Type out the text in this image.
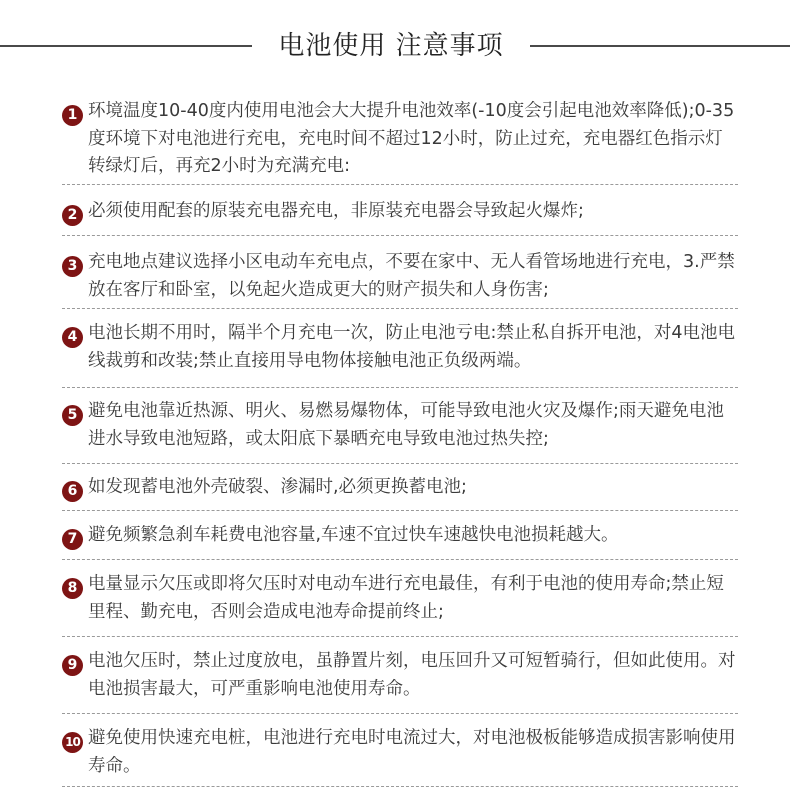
电池使用 注意事项
1 环境温度10-40度内使用电池会大大提升电池效率(-10度会引起电池效率降低);0-35度环境下对电池进行充电，充电时间不超过12小时，防止过充，充电器红色指示灯转绿灯后，再充2小时为充满充电:
2 必须使用配套的原装充电器充电，非原装充电器会导致起火爆炸;
3 充电地点建议选择小区电动车充电点，不要在家中、无人看管场地进行充电，3.严禁放在客厅和卧室，以免起火造成更大的财产损失和人身伤害;
4 电池长期不用时，隔半个月充电一次，防止电池亏电:禁止私自拆开电池，对4电池电线裁剪和改装;禁止直接用导电物体接触电池正负级两端。
5 避免电池靠近热源、明火、易燃易爆物体，可能导致电池火灾及爆作;雨天避免电池进水导致电池短路，或太阳底下暴晒充电导致电池过热失控;
6 如发现蓄电池外壳破裂、渗漏时,必须更换蓄电池;
7 避免频繁急刹车耗费电池容量,车速不宜过快车速越快电池损耗越大。
8 电量显示欠压或即将欠压时对电动车进行充电最佳，有利于电池的使用寿命;禁止短里程、勤充电，否则会造成电池寿命提前终止;
9 电池欠压时，禁止过度放电，虽静置片刻，电压回升又可短暂骑行，但如此使用。对电池损害最大，可严重影响电池使用寿命。
10 避免使用快速充电桩，电池进行充电时电流过大，对电池极板能够造成损害影响使用寿命。
